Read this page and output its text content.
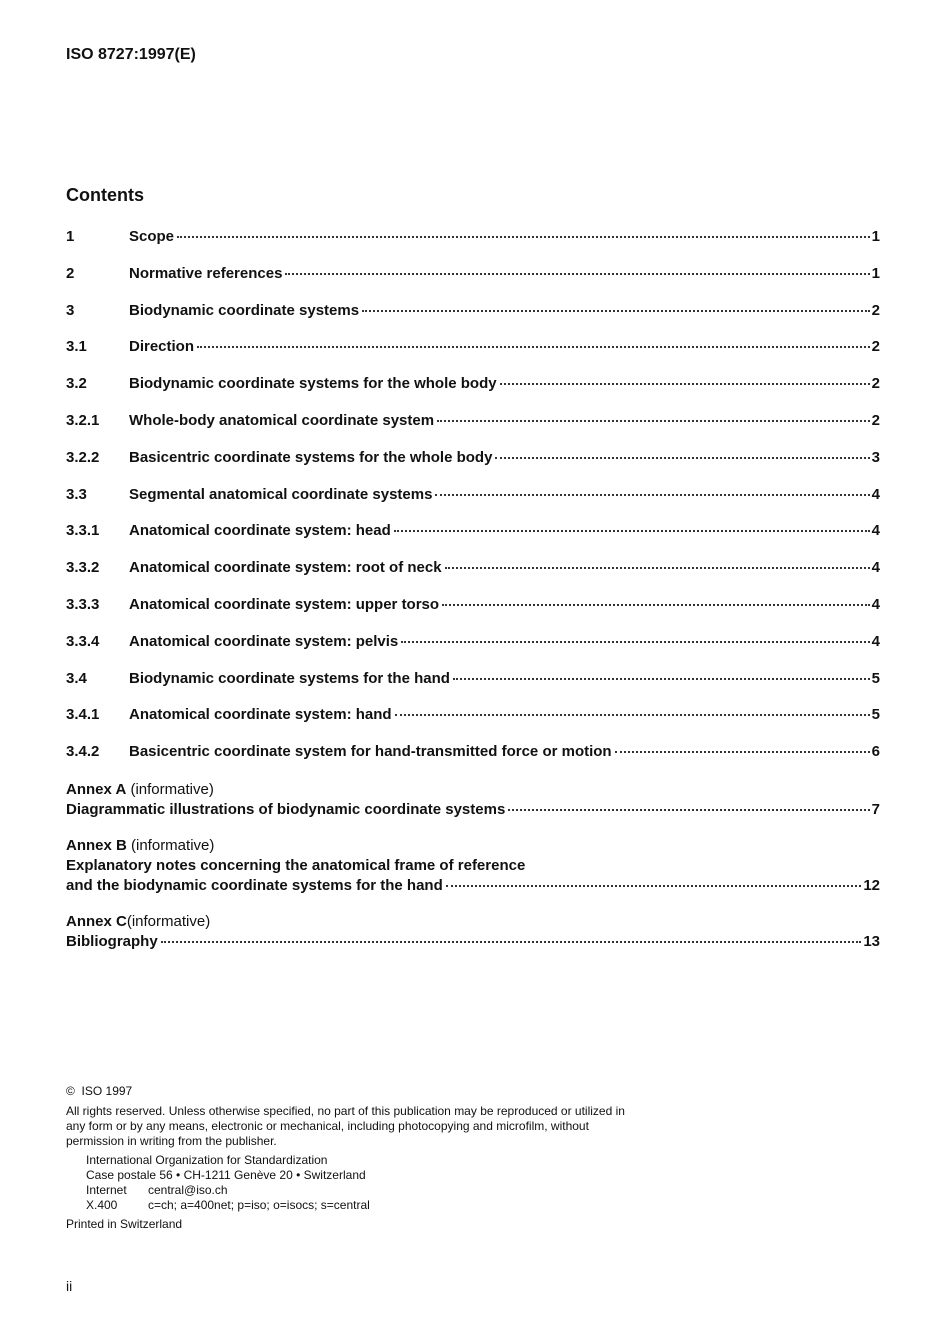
ISO 8727:1997(E)
Contents
1	Scope	1
2	Normative references	1
3	Biodynamic coordinate systems	2
3.1	Direction	2
3.2	Biodynamic coordinate systems for the whole body	2
3.2.1	Whole-body anatomical coordinate system	2
3.2.2	Basicentric coordinate systems for the whole body	3
3.3	Segmental anatomical coordinate systems	4
3.3.1	Anatomical coordinate system: head	4
3.3.2	Anatomical coordinate system: root of neck	4
3.3.3	Anatomical coordinate system: upper torso	4
3.3.4	Anatomical coordinate system: pelvis	4
3.4	Biodynamic coordinate systems for the hand	5
3.4.1	Anatomical coordinate system: hand	5
3.4.2	Basicentric coordinate system for hand-transmitted force or motion	6
Annex A (informative)
Diagrammatic illustrations of biodynamic coordinate systems	7
Annex B (informative)
Explanatory notes concerning the anatomical frame of reference
and the biodynamic coordinate systems for the hand	12
Annex C(informative)
Bibliography	13
© ISO 1997
All rights reserved. Unless otherwise specified, no part of this publication may be reproduced or utilized in any form or by any means, electronic or mechanical, including photocopying and microfilm, without permission in writing from the publisher.
International Organization for Standardization
Case postale 56 • CH-1211 Genève 20 • Switzerland
Internet central@iso.ch
X.400	c=ch; a=400net; p=iso; o=isocs; s=central
Printed in Switzerland
ii
